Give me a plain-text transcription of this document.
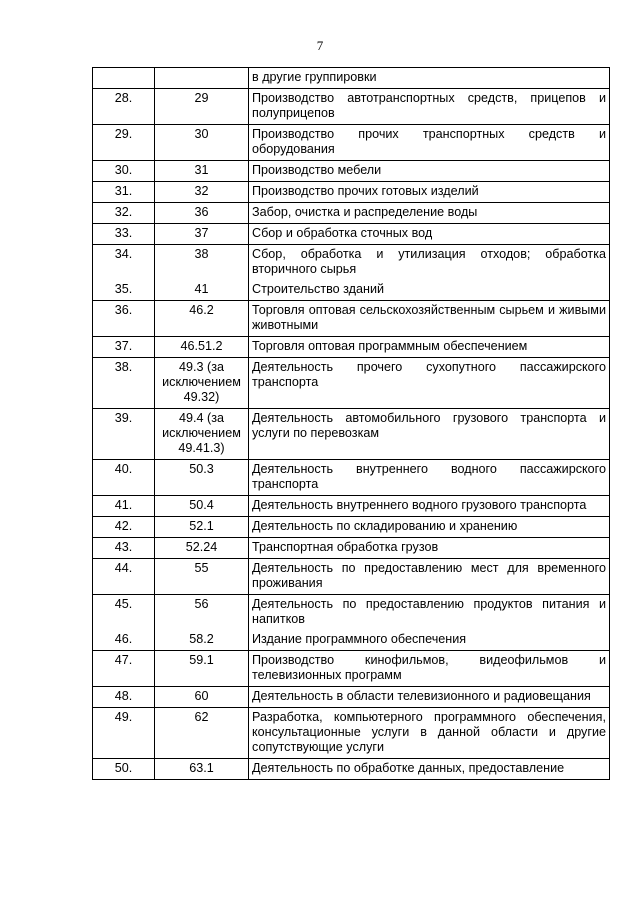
7
		в другие группировки
28.	29	Производство автотранспортных средств, прицепов и полуприцепов
29.	30	Производство прочих транспортных средств и оборудования
30.	31	Производство мебели
31.	32	Производство прочих готовых изделий
32.	36	Забор, очистка и распределение воды
33.	37	Сбор и обработка сточных вод
34.	38	Сбор, обработка и утилизация отходов; обработка вторичного сырья
35.	41	Строительство зданий
36.	46.2	Торговля оптовая сельскохозяйственным сырьем и живыми животными
37.	46.51.2	Торговля оптовая программным обеспечением
38.	49.3 (за исключением 49.32)	Деятельность прочего сухопутного пассажирского транспорта
39.	49.4 (за исключением 49.41.3)	Деятельность автомобильного грузового транспорта и услуги по перевозкам
40.	50.3	Деятельность внутреннего водного пассажирского транспорта
41.	50.4	Деятельность внутреннего водного грузового транспорта
42.	52.1	Деятельность по складированию и хранению
43.	52.24	Транспортная обработка грузов
44.	55	Деятельность по предоставлению мест для временного проживания
45.	56	Деятельность по предоставлению продуктов питания и напитков
46.	58.2	Издание программного обеспечения
47.	59.1	Производство кинофильмов, видеофильмов и телевизионных программ
48.	60	Деятельность в области телевизионного и радиовещания
49.	62	Разработка, компьютерного программного обеспечения, консультационные услуги в данной области и другие сопутствующие услуги
50.	63.1	Деятельность по обработке данных, предоставление
